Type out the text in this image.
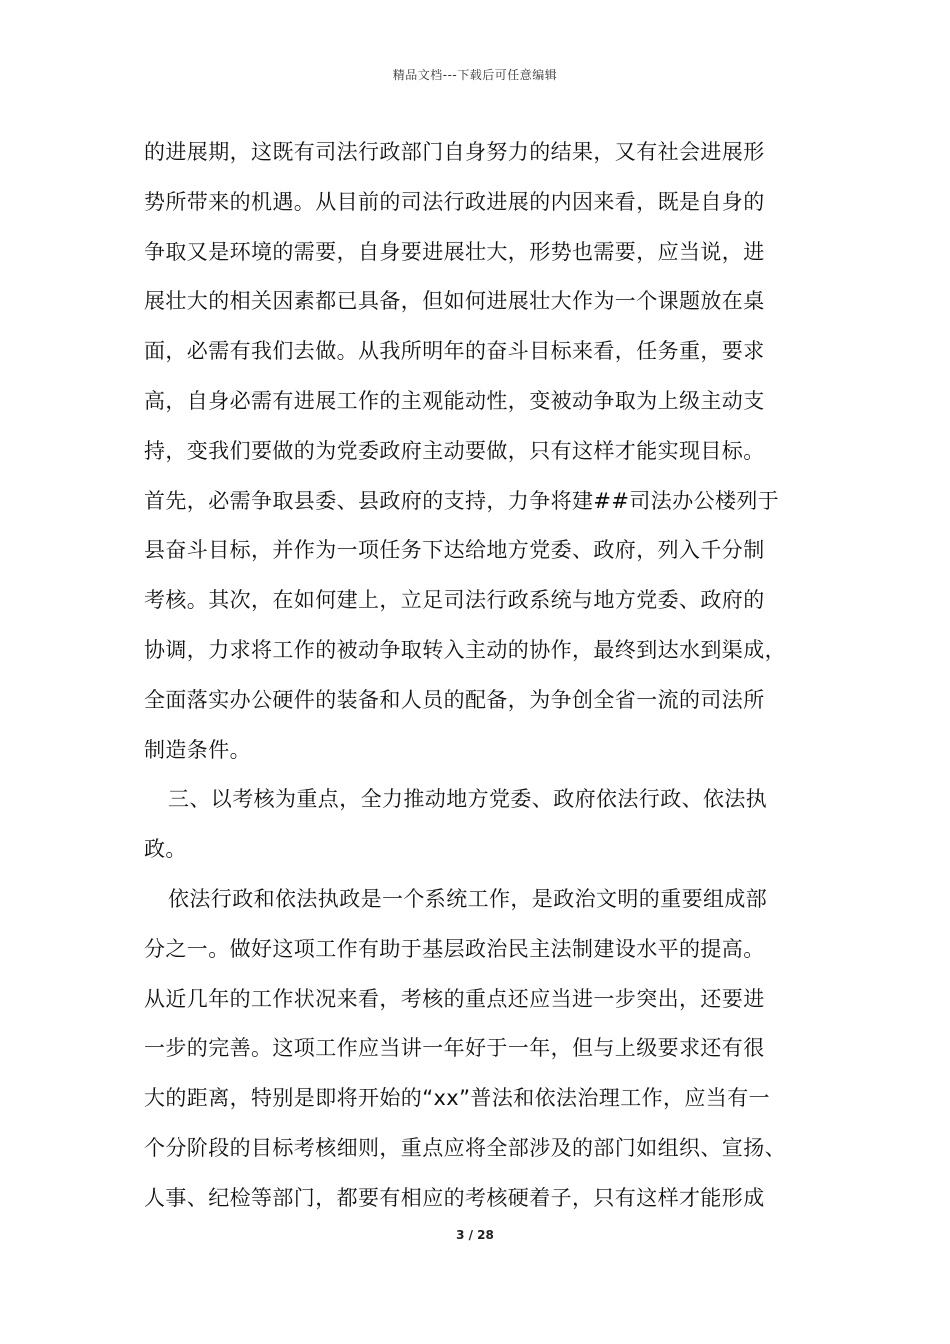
精品文档---下载后可任意编辑
的进展期，这既有司法行政部门自身努力的结果，又有社会进展形
势所带来的机遇。从目前的司法行政进展的内因来看，既是自身的
争取又是环境的需要，自身要进展壮大，形势也需要，应当说，进
展壮大的相关因素都已具备，但如何进展壮大作为一个课题放在桌
面，必需有我们去做。从我所明年的奋斗目标来看，任务重，要求
高，自身必需有进展工作的主观能动性，变被动争取为上级主动支
持，变我们要做的为党委政府主动要做，只有这样才能实现目标。
首先，必需争取县委、县政府的支持，力争将建##司法办公楼列于
县奋斗目标，并作为一项任务下达给地方党委、政府，列入千分制
考核。其次，在如何建上，立足司法行政系统与地方党委、政府的
协调，力求将工作的被动争取转入主动的协作，最终到达水到渠成，
全面落实办公硬件的装备和人员的配备，为争创全省一流的司法所
制造条件。
三、以考核为重点，全力推动地方党委、政府依法行政、依法执
政。
依法行政和依法执政是一个系统工作，是政治文明的重要组成部
分之一。做好这项工作有助于基层政治民主法制建设水平的提高。
从近几年的工作状况来看，考核的重点还应当进一步突出，还要进
一步的完善。这项工作应当讲一年好于一年，但与上级要求还有很
大的距离，特别是即将开始的“xx”普法和依法治理工作，应当有一
个分阶段的目标考核细则，重点应将全部涉及的部门如组织、宣扬、
人事、纪检等部门，都要有相应的考核硬着子，只有这样才能形成
3 / 28
